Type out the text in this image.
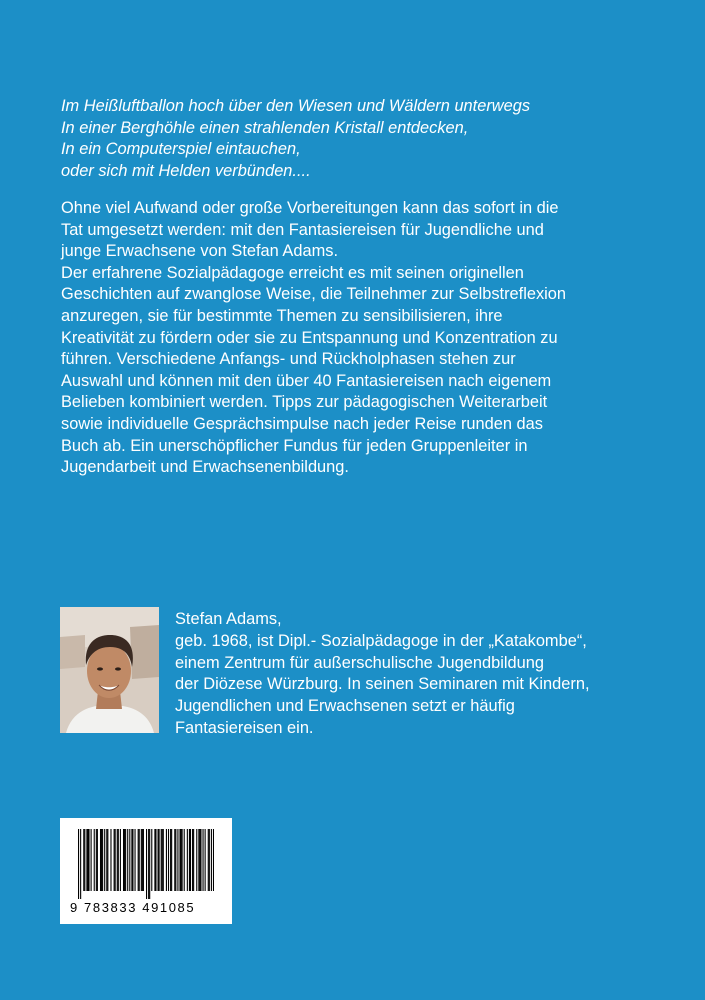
Im Heißluftballon hoch über den Wiesen und Wäldern unterwegs
In einer Berghöhle einen strahlenden Kristall entdecken,
In ein Computerspiel eintauchen,
oder sich mit Helden verbünden....
Ohne viel Aufwand oder große Vorbereitungen kann das sofort in die
Tat umgesetzt werden: mit den Fantasiereisen für Jugendliche und
junge Erwachsene von Stefan Adams.
Der erfahrene Sozialpädagoge erreicht es mit seinen originellen
Geschichten auf zwanglose Weise, die Teilnehmer zur Selbstreflexion
anzuregen, sie für bestimmte Themen zu sensibilisieren, ihre
Kreativität zu fördern oder sie zu Entspannung und Konzentration zu
führen. Verschiedene Anfangs- und Rückholphasen stehen zur
Auswahl und können mit den über 40 Fantasiereisen nach eigenem
Belieben kombiniert werden. Tipps zur pädagogischen Weiterarbeit
sowie individuelle Gesprächsimpulse nach jeder Reise runden das
Buch ab. Ein unerschöpflicher Fundus für jeden Gruppenleiter in
Jugendarbeit und Erwachsenenbildung.
Stefan Adams,
geb. 1968, ist Dipl.- Sozialpädagoge in der „Katakombe“,
einem Zentrum für außerschulische Jugendbildung
der Diözese Würzburg. In seinen Seminaren mit Kindern,
Jugendlichen und Erwachsenen setzt er häufig
Fantasiereisen ein.
9 783833 491085
